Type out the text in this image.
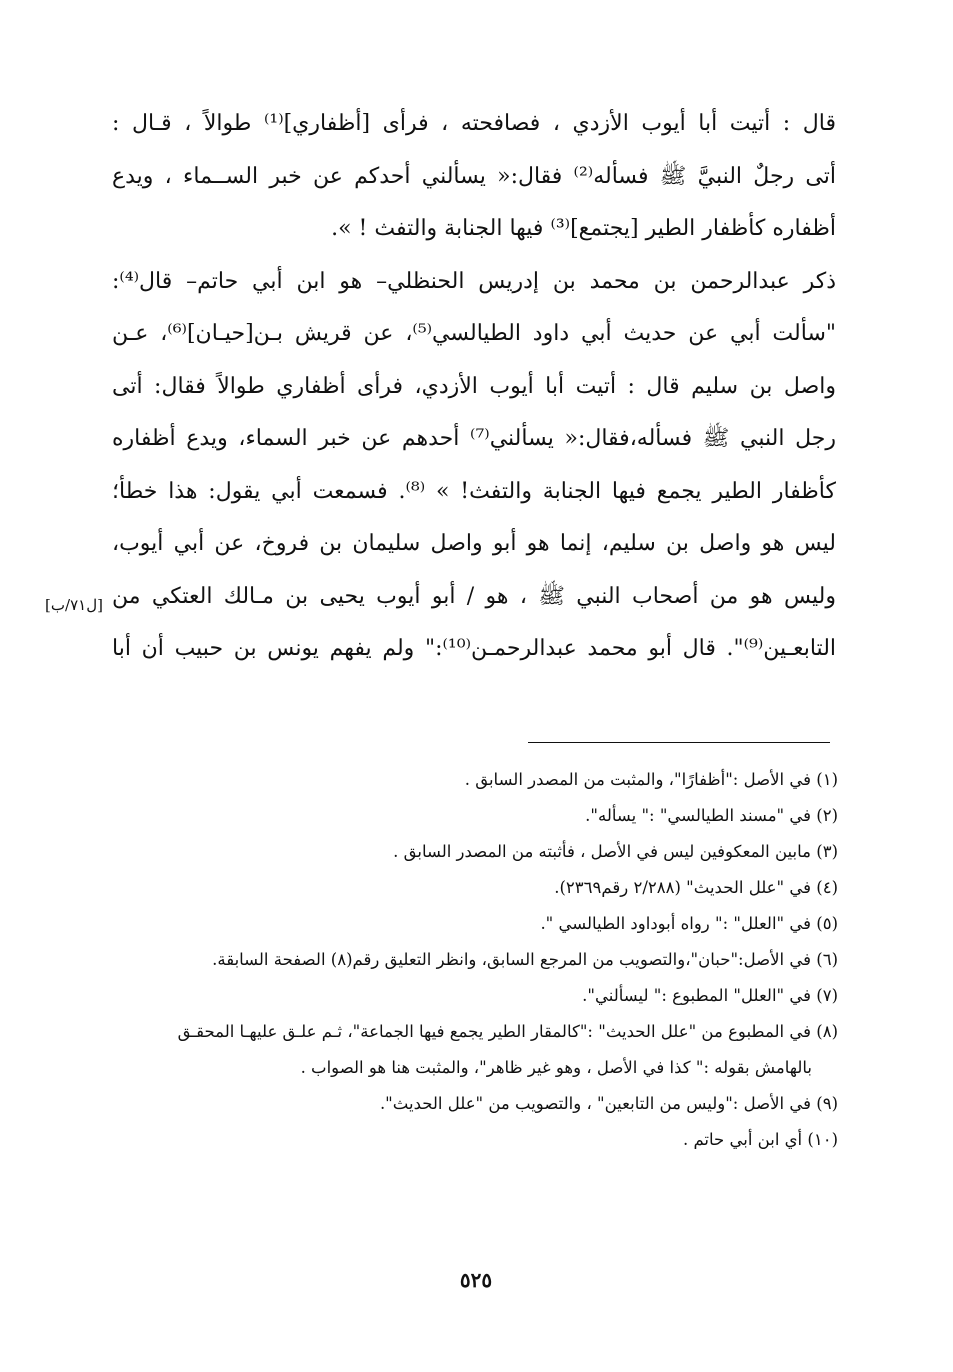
قال : أتيت أبا أيوب الأزدي ، فصافحته ، فرأى [أظفاري]⁽¹⁾ طوالاً ، قـال :
أتى رجلٌ النبيَّ ﷺ فسأله⁽²⁾ فقال:« يسألني أحدكم عن خبر الســماء ، ويدع
أظفاره كأظفار الطير [يجتمع]⁽³⁾ فيها الجنابة والتفث ! ».
ذكر عبدالرحمن بن محمد بن إدريس الحنظلي– هو ابن أبي حاتم– قال⁽⁴⁾:
"سألت أبي عن حديث أبي داود الطيالسي⁽⁵⁾، عن قريش بـن[حيـان]⁽⁶⁾، عـن
واصل بن سليم قال : أتيت أبا أيوب الأزدي، فرأى أظفاري طوالاً فقال: أتى
رجل النبي ﷺ فسأله،فقال:« يسألني⁽⁷⁾ أحدهم عن خبر السماء، ويدع أظفاره
كأظفار الطير يجمع فيها الجنابة والتفث! » ⁽⁸⁾. فسمعت أبي يقول: هذا خطأ؛
ليس هو واصل بن سليم، إنما هو أبو واصل سليمان بن فروخ، عن أبي أيوب،
وليس هو من أصحاب النبي ﷺ ، هو / أبو أيوب يحيى بن مـالك العتكي من
التابعـين⁽⁹⁾". قال أبو محمد عبدالرحمـن⁽¹⁰⁾:" ولم يفهم يونس بن حبيب أن أبا
[ل٧١/ب]
(١) في الأصل :"أظفارًا"، والمثبت من المصدر السابق .
(٢) في "مسند الطيالسي" :" يسأله".
(٣) مابين المعكوفين ليس في الأصل ، فأثبته من المصدر السابق .
(٤) في "علل الحديث" (٢/٢٨٨ رقم٢٣٦٩).
(٥) في "العلل" :" رواه أبوداود الطيالسي ".
(٦) في الأصل:"حبان"،والتصويب من المرجع السابق، وانظر التعليق رقم(٨) الصفحة السابقة.
(٧) في "العلل" المطبوع :" ليسألني".
(٨) في المطبوع من "علل الحديث" :"كالمقار الطير يجمع فيها الجماعة"، ثـم علـق عليهـا المحقـق
بالهامش بقوله :" كذا في الأصل ، وهو غير ظاهر"، والمثبت هنا هو الصواب .
(٩) في الأصل :"وليس من التابعين" ، والتصويب من "علل الحديث".
(١٠) أي ابن أبي حاتم .
٥٢٥
